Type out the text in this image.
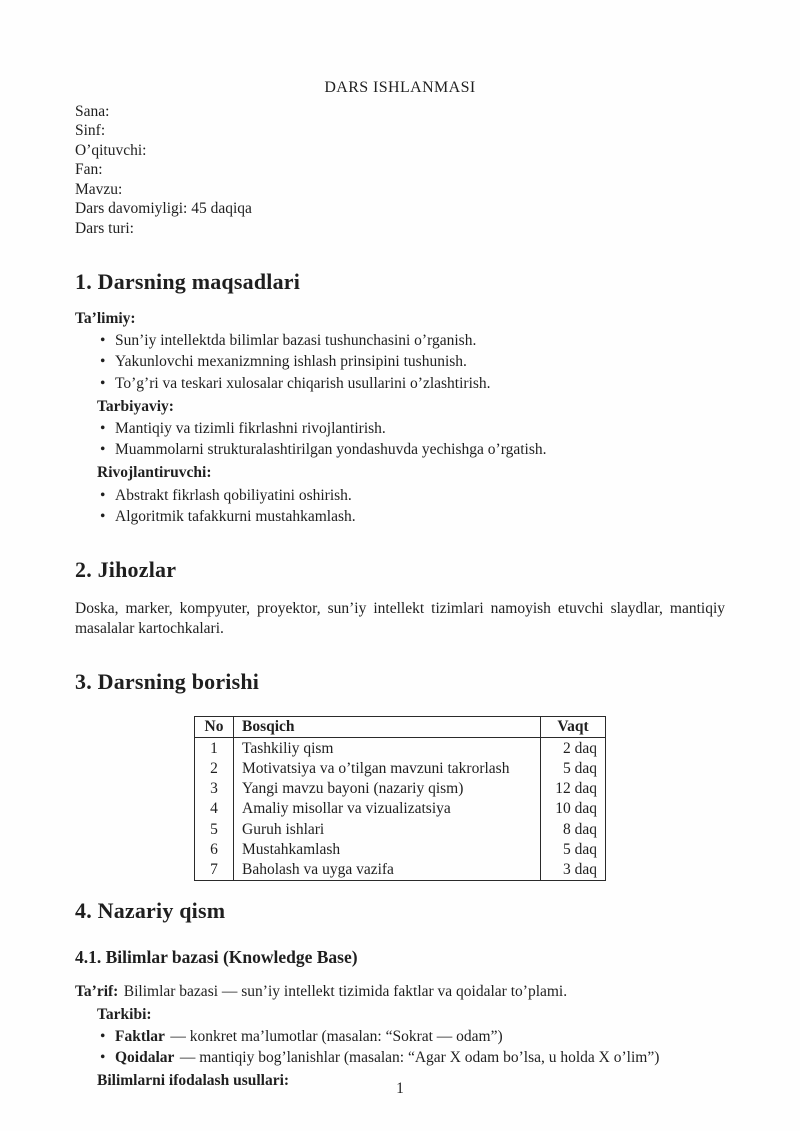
DARS ISHLANMASI
Sana:
Sinf:
O’qituvchi:
Fan:
Mavzu:
Dars davomiyligi: 45 daqiqa
Dars turi:
1. Darsning maqsadlari
Ta’limiy:
• Sun’iy intellektda bilimlar bazasi tushunchasini o’rganish.
• Yakunlovchi mexanizmning ishlash prinsipini tushunish.
• To’g’ri va teskari xulosalar chiqarish usullarini o’zlashtirish.
Tarbiyaviy:
• Mantiqiy va tizimli fikrlashni rivojlantirish.
• Muammolarni strukturalashtirilgan yondashuvda yechishga o’rgatish.
Rivojlantiruvchi:
• Abstrakt fikrlash qobiliyatini oshirish.
• Algoritmik tafakkurni mustahkamlash.
2. Jihozlar

Doska, marker, kompyuter, proyektor, sun’iy intellekt tizimlari namoyish etuvchi slaydlar, mantiqiy masalalar kartochkalari.

3. Darsning borishi
No	Bosqich	Vaqt
1	Tashkiliy qism	2 daq
2	Motivatsiya va o’tilgan mavzuni takrorlash	5 daq
3	Yangi mavzu bayoni (nazariy qism)	12 daq
4	Amaliy misollar va vizualizatsiya	10 daq
5	Guruh ishlari	8 daq
6	Mustahkamlash	5 daq
7	Baholash va uyga vazifa	3 daq
4. Nazariy qism
4.1. Bilimlar bazasi (Knowledge Base)
Ta’rif: Bilimlar bazasi — sun’iy intellekt tizimida faktlar va qoidalar to’plami.
Tarkibi:
• Faktlar — konkret ma’lumotlar (masalan: “Sokrat — odam”)
• Qoidalar — mantiqiy bog’lanishlar (masalan: “Agar X odam bo’lsa, u holda X o’lim”)
Bilimlarni ifodalash usullari:	1
